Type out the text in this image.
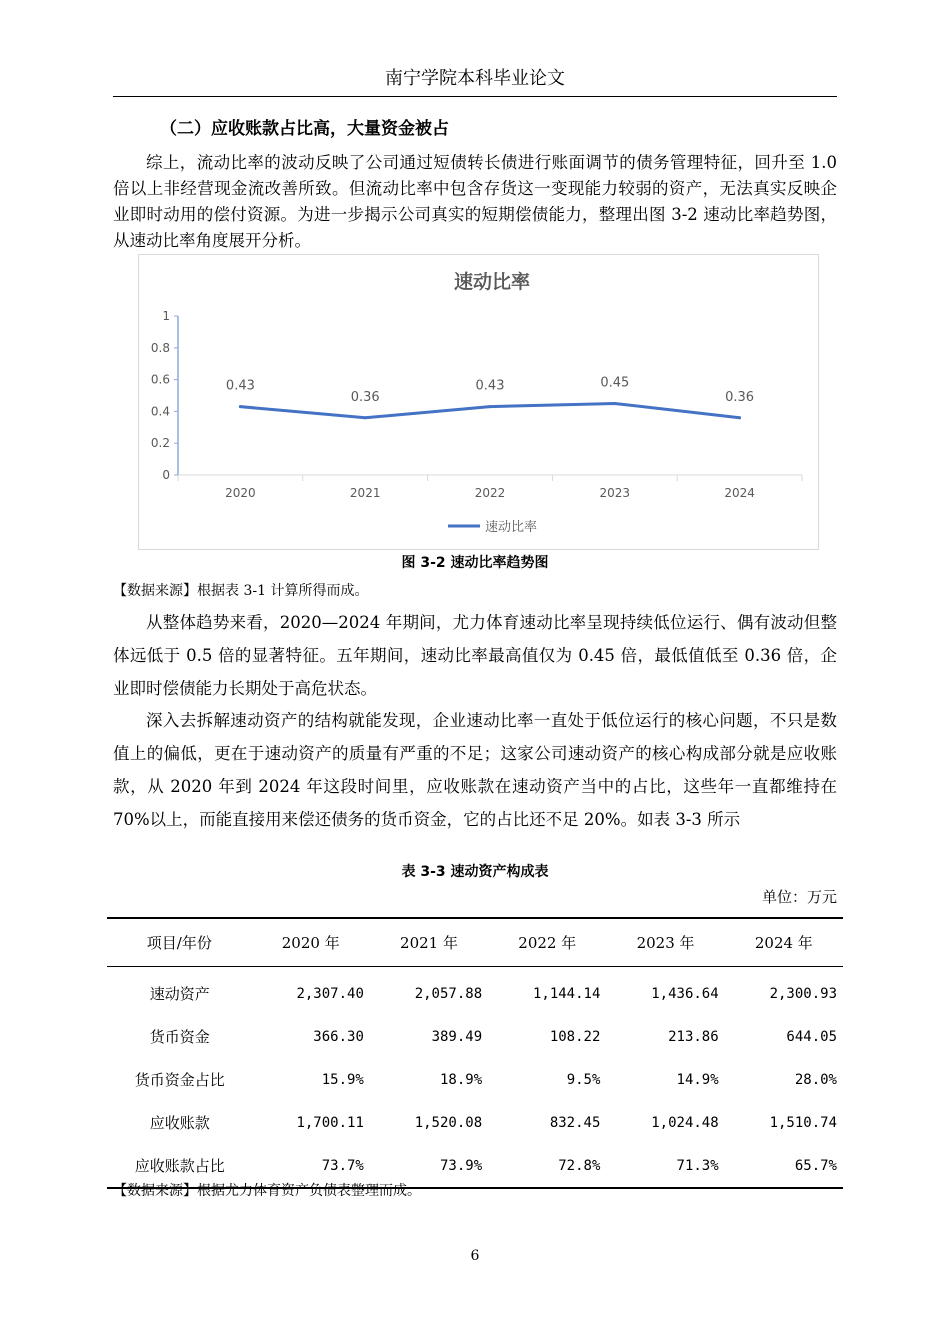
南宁学院本科毕业论文
（二）应收账款占比高，大量资金被占

综上，流动比率的波动反映了公司通过短债转长债进行账面调节的债务管理特征，回升至 1.0 倍以上非经营现金流改善所致。但流动比率中包含存货这一变现能力较弱的资产，无法真实反映企业即时动用的偿付资源。为进一步揭示公司真实的短期偿债能力，整理出图 3-2 速动比率趋势图，从速动比率角度展开分析。

速动比率
0
0.2
0.4
0.6
0.8
1
2020	2021	2022	2023	2024
0.43
0.36
0.43	0.45
0.36
速动比率
图 3-2 速动比率趋势图
【数据来源】根据表 3-1 计算所得而成。

从整体趋势来看，2020—2024 年期间，尤力体育速动比率呈现持续低位运行、偶有波动但整体远低于 0.5 倍的显著特征。五年期间，速动比率最高值仅为 0.45 倍，最低值低至 0.36 倍，企业即时偿债能力长期处于高危状态。

深入去拆解速动资产的结构就能发现，企业速动比率一直处于低位运行的核心问题，不只是数值上的偏低，更在于速动资产的质量有严重的不足；这家公司速动资产的核心构成部分就是应收账款，从 2020 年到 2024 年这段时间里，应收账款在速动资产当中的占比，这些年一直都维持在 70%以上，而能直接用来偿还债务的货币资金，它的占比还不足 20%。如表 3-3 所示

表 3-3 速动资产构成表
单位：万元
项目/年份	2020 年	2021 年	2022 年	2023 年	2024 年
速动资产	2,307.40	2,057.88	1,144.14	1,436.64	2,300.93
货币资金	366.30	389.49	108.22	213.86	644.05
货币资金占比	15.9%	18.9%	9.5%	14.9%	28.0%
应收账款	1,700.11	1,520.08	832.45	1,024.48	1,510.74
应收账款占比	73.7%	73.9%	72.8%	71.3%	65.7%
【数据来源】根据尤力体育资产负债表整理而成。
6
